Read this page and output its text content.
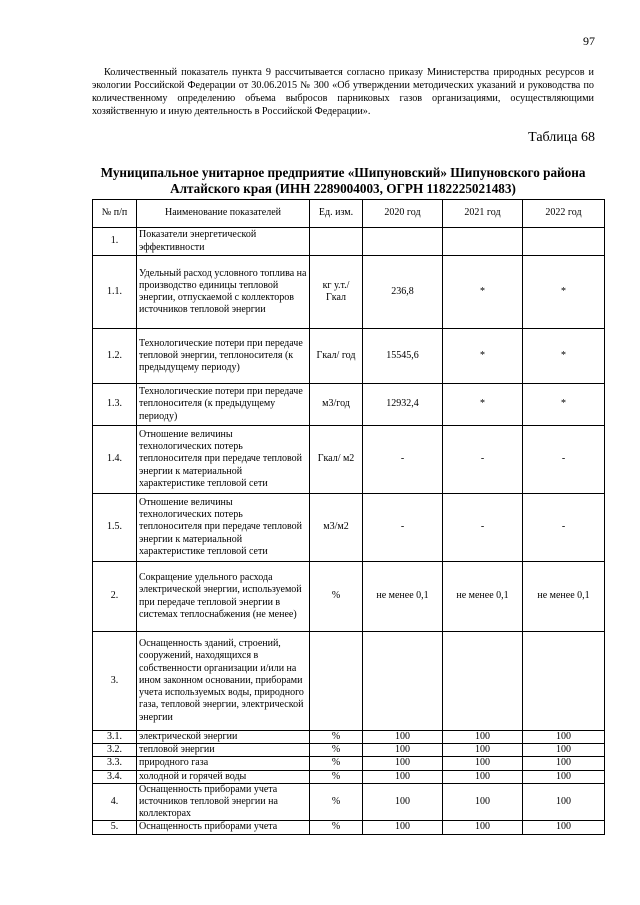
97
Количественный показатель пункта 9 рассчитывается согласно приказу Министерства природных ресурсов и экологии Российской Федерации от 30.06.2015 № 300 «Об утверждении методических указаний и руководства по количественному определению объема выбросов парниковых газов организациями, осуществляющими хозяйственную и иную деятельность в Российской Федерации».
Таблица 68
Муниципальное унитарное предприятие «Шипуновский» Шипуновского района Алтайского края (ИНН 2289004003, ОГРН 1182225021483)
№ п/п	Наименование показателей	Ед. изм.	2020 год	2021 год	2022 год
1.	Показатели энергетической эффективности				
1.1.	Удельный расход условного топлива на производство единицы тепловой энергии, отпускаемой с коллекторов источников тепловой энергии	кг у.т./ Гкал	236,8	*	*
1.2.	Технологические потери при передаче тепловой энергии, теплоносителя (к предыдущему периоду)	Гкал/ год	15545,6	*	*
1.3.	Технологические потери при передаче теплоносителя (к предыдущему периоду)	м3/год	12932,4	*	*
1.4.	Отношение величины технологических потерь теплоносителя при передаче тепловой энергии к материальной характеристике тепловой сети	Гкал/ м2	-	-	-
1.5.	Отношение величины технологических потерь теплоносителя при передаче тепловой энергии к материальной характеристике тепловой сети	м3/м2	-	-	-
2.	Сокращение удельного расхода электрической энергии, используемой при передаче тепловой энергии в системах теплоснабжения (не менее)	%	не менее 0,1	не менее 0,1	не менее 0,1
3.	Оснащенность зданий, строений, сооружений, находящихся в собственности организации и/или на ином законном основании, приборами учета используемых воды, природного газа, тепловой энергии, электрической энергии				
3.1.	электрической энергии	%	100	100	100
3.2.	тепловой энергии	%	100	100	100
3.3.	природного газа	%	100	100	100
3.4.	холодной и горячей воды	%	100	100	100
4.	Оснащенность приборами учета источников тепловой энергии на коллекторах	%	100	100	100
5.	Оснащенность приборами учета	%	100	100	100
